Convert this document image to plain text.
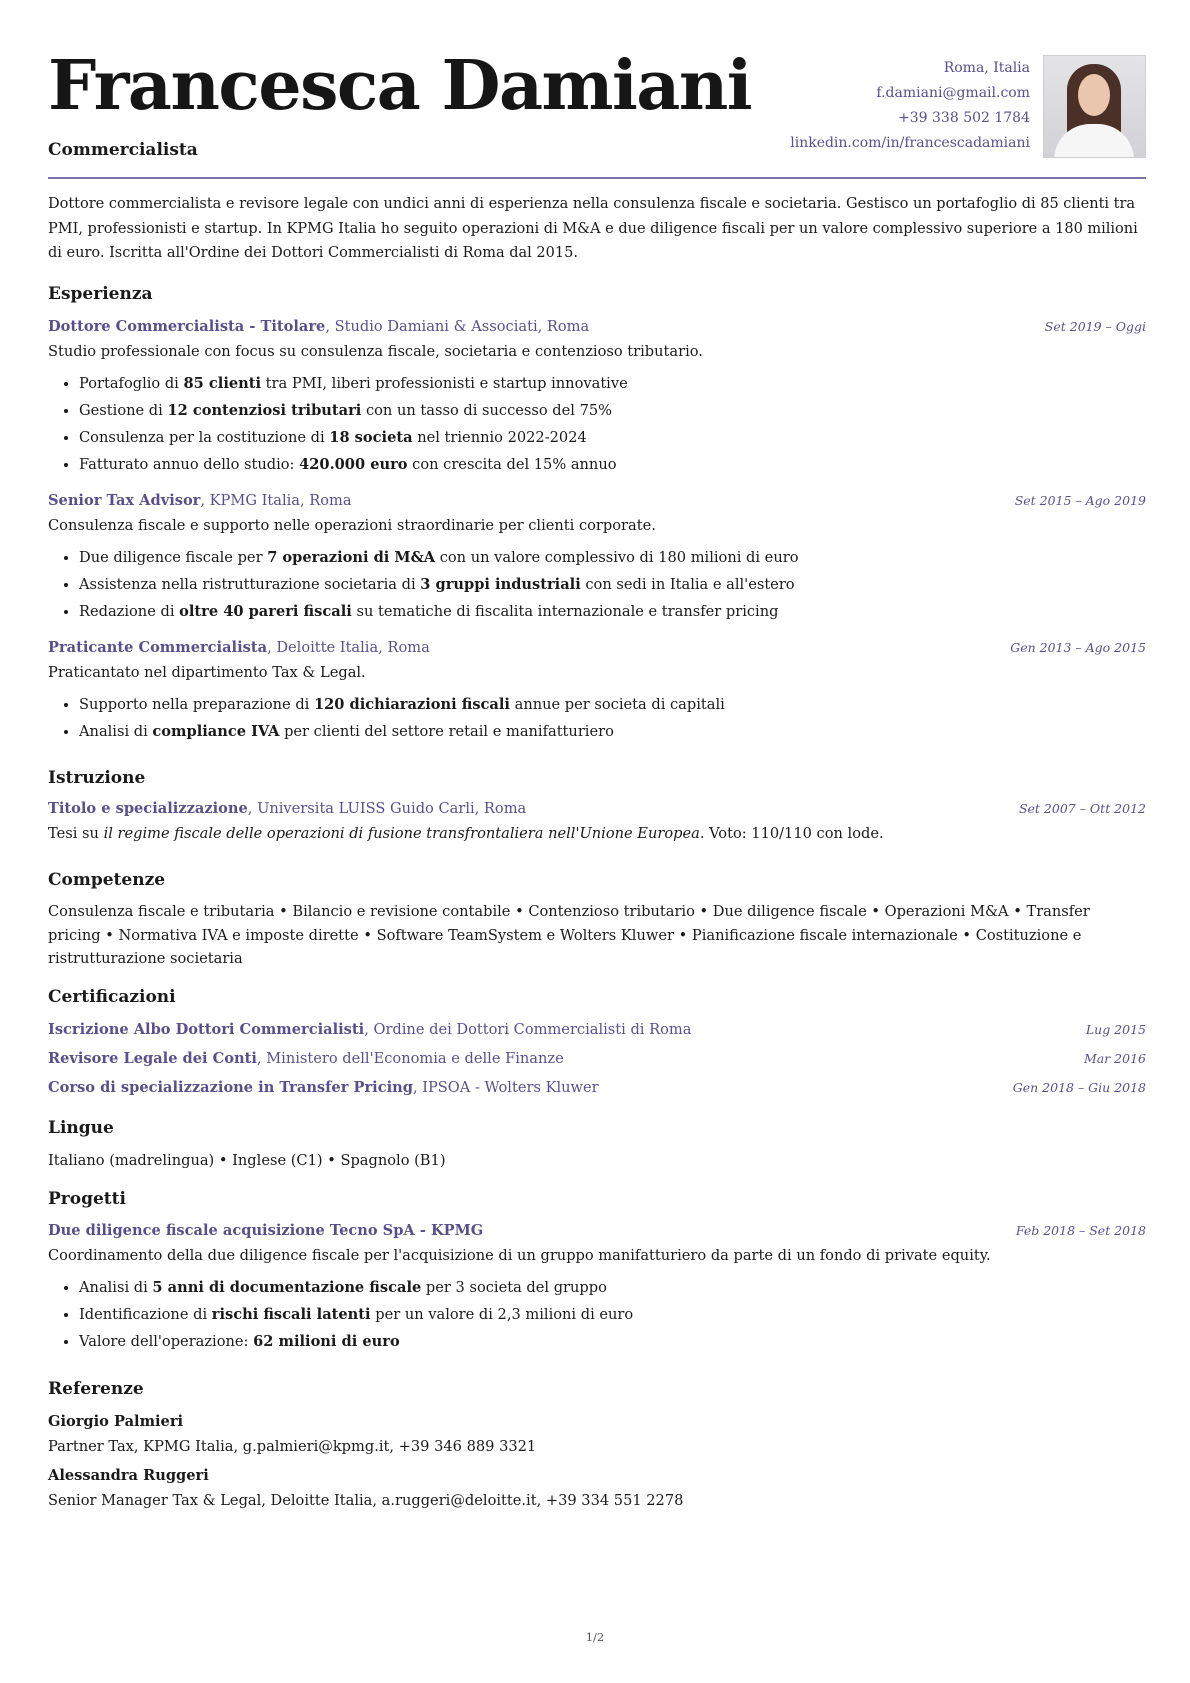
Francesca Damiani
Commercialista
Roma, Italia
f.damiani@gmail.com
+39 338 502 1784
linkedin.com/in/francescadamiani
Dottore commercialista e revisore legale con undici anni di esperienza nella consulenza fiscale e societaria. Gestisco un portafoglio di 85 clienti tra PMI, professionisti e startup. In KPMG Italia ho seguito operazioni di M&A e due diligence fiscali per un valore complessivo superiore a 180 milioni di euro. Iscritta all'Ordine dei Dottori Commercialisti di Roma dal 2015.
Esperienza
Dottore Commercialista - Titolare, Studio Damiani & Associati, Roma	Set 2019 – Oggi
Studio professionale con focus su consulenza fiscale, societaria e contenzioso tributario.
• Portafoglio di 85 clienti tra PMI, liberi professionisti e startup innovative
• Gestione di 12 contenziosi tributari con un tasso di successo del 75%
• Consulenza per la costituzione di 18 societa nel triennio 2022-2024
• Fatturato annuo dello studio: 420.000 euro con crescita del 15% annuo
Senior Tax Advisor, KPMG Italia, Roma	Set 2015 – Ago 2019
Consulenza fiscale e supporto nelle operazioni straordinarie per clienti corporate.
• Due diligence fiscale per 7 operazioni di M&A con un valore complessivo di 180 milioni di euro
• Assistenza nella ristrutturazione societaria di 3 gruppi industriali con sedi in Italia e all'estero
• Redazione di oltre 40 pareri fiscali su tematiche di fiscalita internazionale e transfer pricing
Praticante Commercialista, Deloitte Italia, Roma	Gen 2013 – Ago 2015
Praticantato nel dipartimento Tax & Legal.
• Supporto nella preparazione di 120 dichiarazioni fiscali annue per societa di capitali
• Analisi di compliance IVA per clienti del settore retail e manifatturiero
Istruzione
Titolo e specializzazione, Universita LUISS Guido Carli, Roma	Set 2007 – Ott 2012
Tesi su il regime fiscale delle operazioni di fusione transfrontaliera nell'Unione Europea. Voto: 110/110 con lode.
Competenze
Consulenza fiscale e tributaria • Bilancio e revisione contabile • Contenzioso tributario • Due diligence fiscale • Operazioni M&A • Transfer pricing • Normativa IVA e imposte dirette • Software TeamSystem e Wolters Kluwer • Pianificazione fiscale internazionale • Costituzione e ristrutturazione societaria
Certificazioni
Iscrizione Albo Dottori Commercialisti, Ordine dei Dottori Commercialisti di Roma	Lug 2015
Revisore Legale dei Conti, Ministero dell'Economia e delle Finanze	Mar 2016
Corso di specializzazione in Transfer Pricing, IPSOA - Wolters Kluwer	Gen 2018 – Giu 2018
Lingue
Italiano (madrelingua) • Inglese (C1) • Spagnolo (B1)
Progetti
Due diligence fiscale acquisizione Tecno SpA - KPMG	Feb 2018 – Set 2018
Coordinamento della due diligence fiscale per l'acquisizione di un gruppo manifatturiero da parte di un fondo di private equity.
• Analisi di 5 anni di documentazione fiscale per 3 societa del gruppo
• Identificazione di rischi fiscali latenti per un valore di 2,3 milioni di euro
• Valore dell'operazione: 62 milioni di euro
Referenze
Giorgio Palmieri
Partner Tax, KPMG Italia, g.palmieri@kpmg.it, +39 346 889 3321
Alessandra Ruggeri
Senior Manager Tax & Legal, Deloitte Italia, a.ruggeri@deloitte.it, +39 334 551 2278
1/2
